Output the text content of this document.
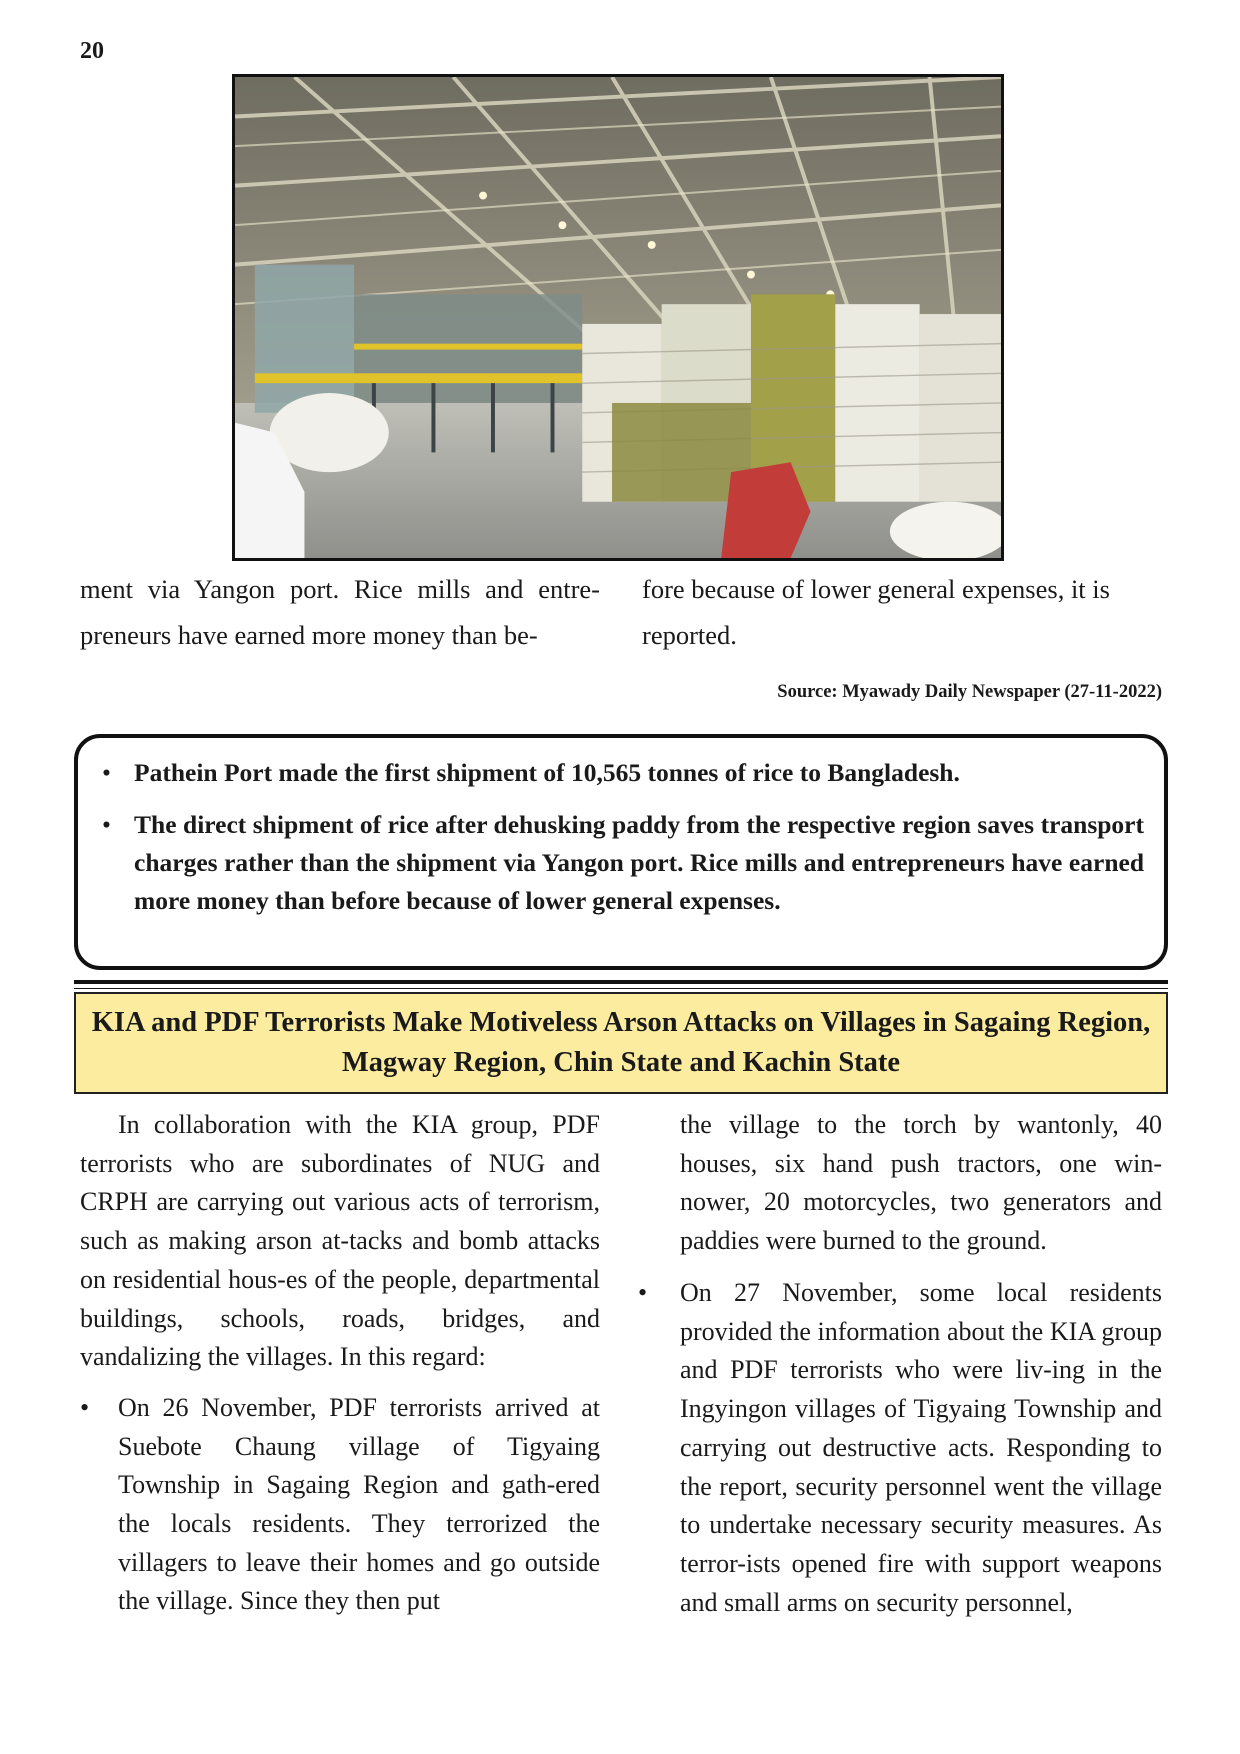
20
ment via Yangon port. Rice mills and entre-preneurs have earned more money than be-
fore because of lower general expenses, it is reported.
Source: Myawady Daily Newspaper (27-11-2022)
• Pathein Port made the first shipment of 10,565 tonnes of rice to Bangladesh.
• The direct shipment of rice after dehusking paddy from the respective region saves transport charges rather than the shipment via Yangon port. Rice mills and entrepreneurs have earned more money than before because of lower general expenses.
KIA and PDF Terrorists Make Motiveless Arson Attacks on Villages in Sagaing Region, Magway Region, Chin State and Kachin State

In collaboration with the KIA group, PDF terrorists who are subordinates of NUG and CRPH are carrying out various acts of terrorism, such as making arson at-tacks and bomb attacks on residential hous-es of the people, departmental buildings, schools, roads, bridges, and vandalizing the villages. In this regard:

• On 26 November, PDF terrorists arrived at Suebote Chaung village of Tigyaing Township in Sagaing Region and gath-ered the locals residents. They terrorized the villagers to leave their homes and go outside the village. Since they then put
the village to the torch by wantonly, 40 houses, six hand push tractors, one win-nower, 20 motorcycles, two generators and paddies were burned to the ground.
• On 27 November, some local residents provided the information about the KIA group and PDF terrorists who were liv-ing in the Ingyingon villages of Tigyaing Township and carrying out destructive acts. Responding to the report, security personnel went the village to undertake necessary security measures. As terror-ists opened fire with support weapons and small arms on security personnel,
